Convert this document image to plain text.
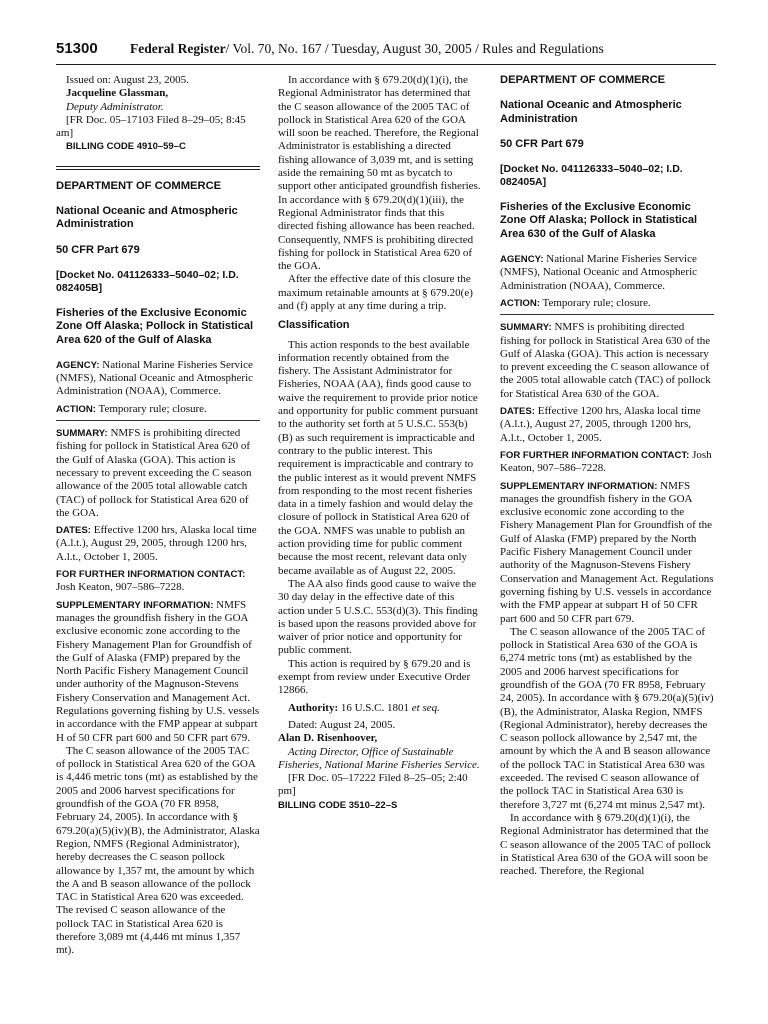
51300 Federal Register/ Vol. 70, No. 167 / Tuesday, August 30, 2005 / Rules and Regulations

Issued on: August 23, 2005.

Jacqueline Glassman,

Deputy Administrator.

[FR Doc. 05–17103 Filed 8–29–05; 8:45 am]

BILLING CODE 4910–59–C

DEPARTMENT OF COMMERCE

National Oceanic and Atmospheric Administration

50 CFR Part 679

[Docket No. 041126333–5040–02; I.D. 082405B]

Fisheries of the Exclusive Economic Zone Off Alaska; Pollock in Statistical Area 620 of the Gulf of Alaska

AGENCY: National Marine Fisheries Service (NMFS), National Oceanic and Atmospheric Administration (NOAA), Commerce.

ACTION: Temporary rule; closure.

SUMMARY: NMFS is prohibiting directed fishing for pollock in Statistical Area 620 of the Gulf of Alaska (GOA). This action is necessary to prevent exceeding the C season allowance of the 2005 total allowable catch (TAC) of pollock for Statistical Area 620 of the GOA.

DATES: Effective 1200 hrs, Alaska local time (A.l.t.), August 29, 2005, through 1200 hrs, A.l.t., October 1, 2005.

FOR FURTHER INFORMATION CONTACT: Josh Keaton, 907–586–7228.

SUPPLEMENTARY INFORMATION: NMFS manages the groundfish fishery in the GOA exclusive economic zone according to the Fishery Management Plan for Groundfish of the Gulf of Alaska (FMP) prepared by the North Pacific Fishery Management Council under authority of the Magnuson-Stevens Fishery Conservation and Management Act. Regulations governing fishing by U.S. vessels in accordance with the FMP appear at subpart H of 50 CFR part 600 and 50 CFR part 679.

The C season allowance of the 2005 TAC of pollock in Statistical Area 620 of the GOA is 4,446 metric tons (mt) as established by the 2005 and 2006 harvest specifications for groundfish of the GOA (70 FR 8958, February 24, 2005). In accordance with § 679.20(a)(5)(iv)(B), the Administrator, Alaska Region, NMFS (Regional Administrator), hereby decreases the C season pollock allowance by 1,357 mt, the amount by which the A and B season allowance of the pollock TAC in Statistical Area 620 was exceeded. The revised C season allowance of the pollock TAC in Statistical Area 620 is therefore 3,089 mt (4,446 mt minus 1,357 mt).

In accordance with § 679.20(d)(1)(i), the Regional Administrator has determined that the C season allowance of the 2005 TAC of pollock in Statistical Area 620 of the GOA will soon be reached. Therefore, the Regional Administrator is establishing a directed fishing allowance of 3,039 mt, and is setting aside the remaining 50 mt as bycatch to support other anticipated groundfish fisheries. In accordance with § 679.20(d)(1)(iii), the Regional Administrator finds that this directed fishing allowance has been reached. Consequently, NMFS is prohibiting directed fishing for pollock in Statistical Area 620 of the GOA.

After the effective date of this closure the maximum retainable amounts at § 679.20(e) and (f) apply at any time during a trip.

Classification

This action responds to the best available information recently obtained from the fishery. The Assistant Administrator for Fisheries, NOAA (AA), finds good cause to waive the requirement to provide prior notice and opportunity for public comment pursuant to the authority set forth at 5 U.S.C. 553(b)(B) as such requirement is impracticable and contrary to the public interest. This requirement is impracticable and contrary to the public interest as it would prevent NMFS from responding to the most recent fisheries data in a timely fashion and would delay the closure of pollock in Statistical Area 620 of the GOA. NMFS was unable to publish an action providing time for public comment because the most recent, relevant data only became available as of August 22, 2005.

The AA also finds good cause to waive the 30 day delay in the effective date of this action under 5 U.S.C. 553(d)(3). This finding is based upon the reasons provided above for waiver of prior notice and opportunity for public comment.

This action is required by § 679.20 and is exempt from review under Executive Order 12866.

Authority: 16 U.S.C. 1801 et seq.

Dated: August 24, 2005.

Alan D. Risenhoover,

Acting Director, Office of Sustainable Fisheries, National Marine Fisheries Service.

[FR Doc. 05–17222 Filed 8–25–05; 2:40 pm]

BILLING CODE 3510–22–S

DEPARTMENT OF COMMERCE

National Oceanic and Atmospheric Administration

50 CFR Part 679

[Docket No. 041126333–5040–02; I.D. 082405A]

Fisheries of the Exclusive Economic Zone Off Alaska; Pollock in Statistical Area 630 of the Gulf of Alaska

AGENCY: National Marine Fisheries Service (NMFS), National Oceanic and Atmospheric Administration (NOAA), Commerce.

ACTION: Temporary rule; closure.

SUMMARY: NMFS is prohibiting directed fishing for pollock in Statistical Area 630 of the Gulf of Alaska (GOA). This action is necessary to prevent exceeding the C season allowance of the 2005 total allowable catch (TAC) of pollock for Statistical Area 630 of the GOA.

DATES: Effective 1200 hrs, Alaska local time (A.l.t.), August 27, 2005, through 1200 hrs, A.l.t., October 1, 2005.

FOR FURTHER INFORMATION CONTACT: Josh Keaton, 907–586–7228.

SUPPLEMENTARY INFORMATION: NMFS manages the groundfish fishery in the GOA exclusive economic zone according to the Fishery Management Plan for Groundfish of the Gulf of Alaska (FMP) prepared by the North Pacific Fishery Management Council under authority of the Magnuson-Stevens Fishery Conservation and Management Act. Regulations governing fishing by U.S. vessels in accordance with the FMP appear at subpart H of 50 CFR part 600 and 50 CFR part 679.

The C season allowance of the 2005 TAC of pollock in Statistical Area 630 of the GOA is 6,274 metric tons (mt) as established by the 2005 and 2006 harvest specifications for groundfish of the GOA (70 FR 8958, February 24, 2005). In accordance with § 679.20(a)(5)(iv)(B), the Administrator, Alaska Region, NMFS (Regional Administrator), hereby decreases the C season pollock allowance by 2,547 mt, the amount by which the A and B season allowance of the pollock TAC in Statistical Area 630 was exceeded. The revised C season allowance of the pollock TAC in Statistical Area 630 is therefore 3,727 mt (6,274 mt minus 2,547 mt).

In accordance with § 679.20(d)(1)(i), the Regional Administrator has determined that the C season allowance of the 2005 TAC of pollock in Statistical Area 630 of the GOA will soon be reached. Therefore, the Regional
